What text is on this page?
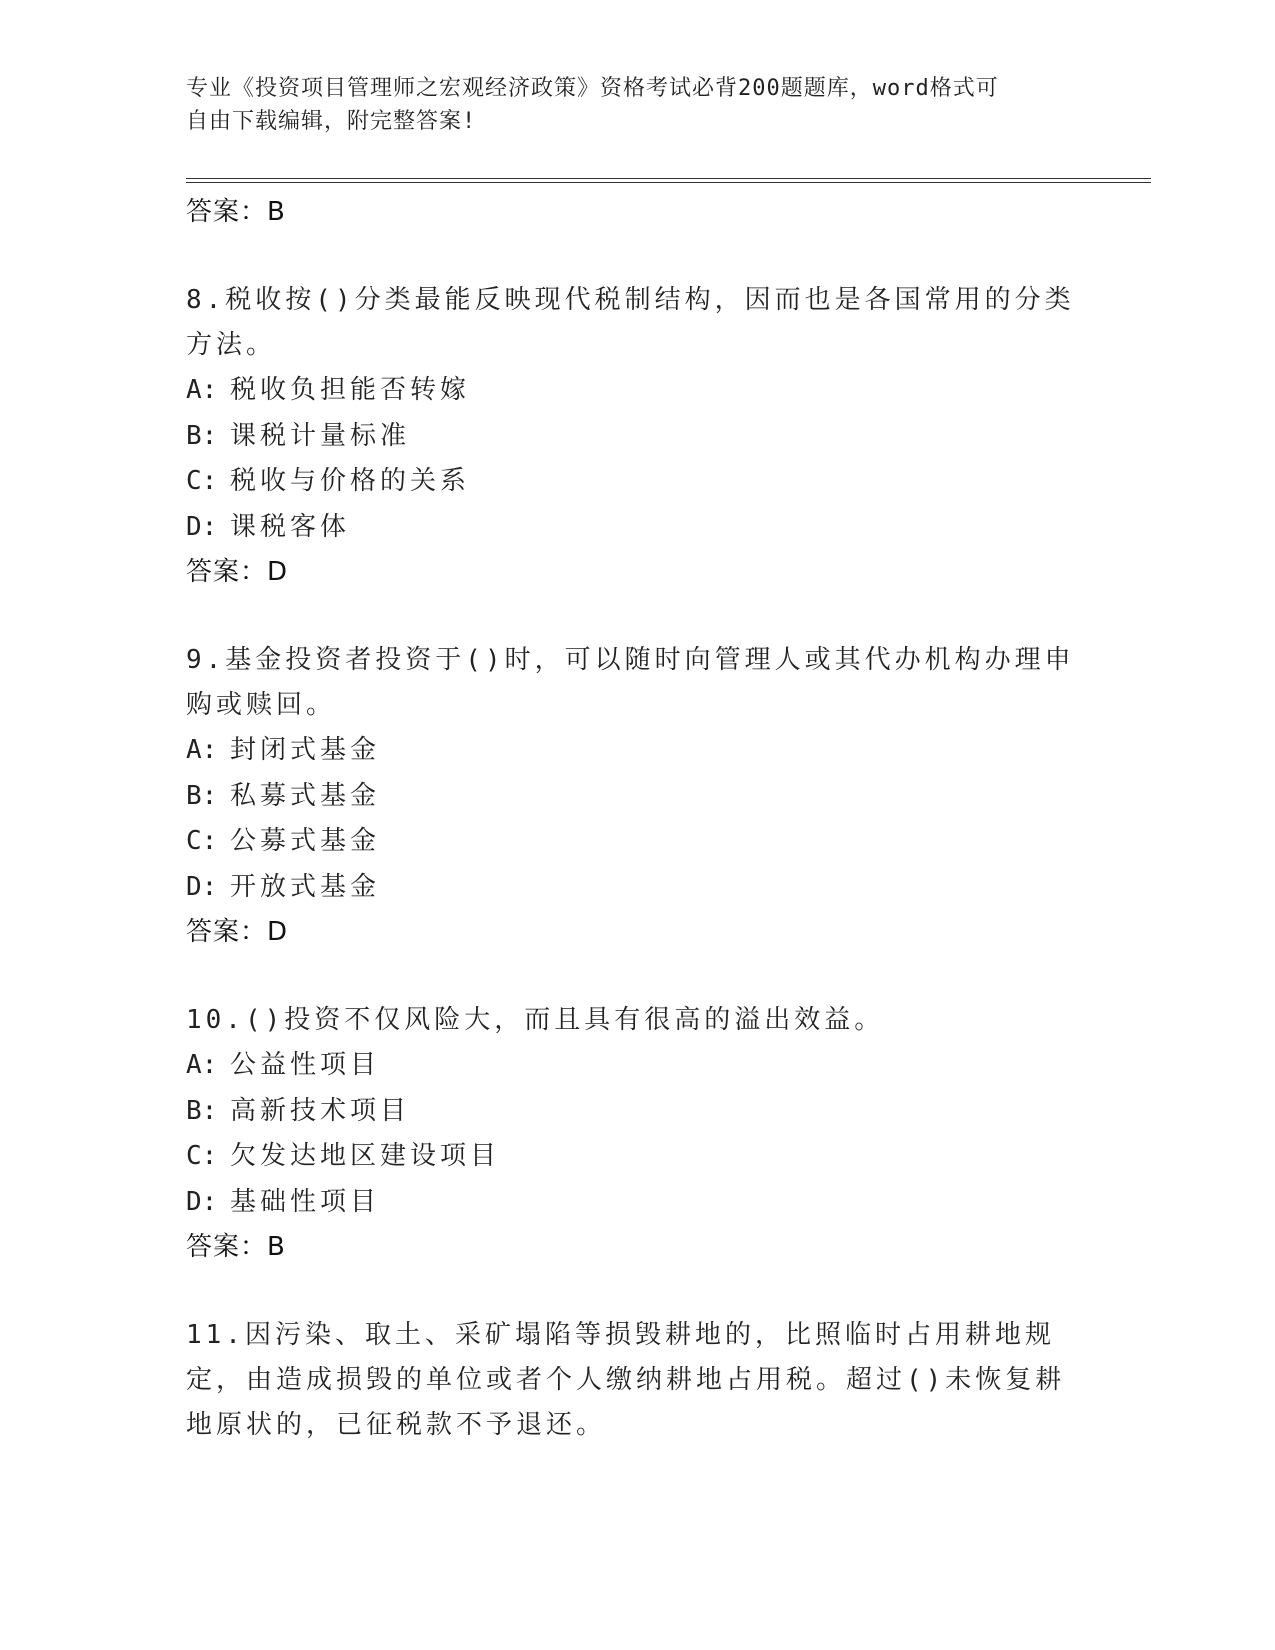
专业《投资项目管理师之宏观经济政策》资格考试必背200题题库，word格式可
自由下载编辑，附完整答案!
答案：B
8.税收按()分类最能反映现代税制结构，因而也是各国常用的分类方法。
A: 税收负担能否转嫁
B: 课税计量标准
C: 税收与价格的关系
D: 课税客体
答案：D
9.基金投资者投资于()时，可以随时向管理人或其代办机构办理申购或赎回。
A: 封闭式基金
B: 私募式基金
C: 公募式基金
D: 开放式基金
答案：D
10.()投资不仅风险大，而且具有很高的溢出效益。
A: 公益性项目
B: 高新技术项目
C: 欠发达地区建设项目
D: 基础性项目
答案：B
11.因污染、取土、采矿塌陷等损毁耕地的，比照临时占用耕地规定，由造成损毁的单位或者个人缴纳耕地占用税。超过()未恢复耕地原状的，已征税款不予退还。
